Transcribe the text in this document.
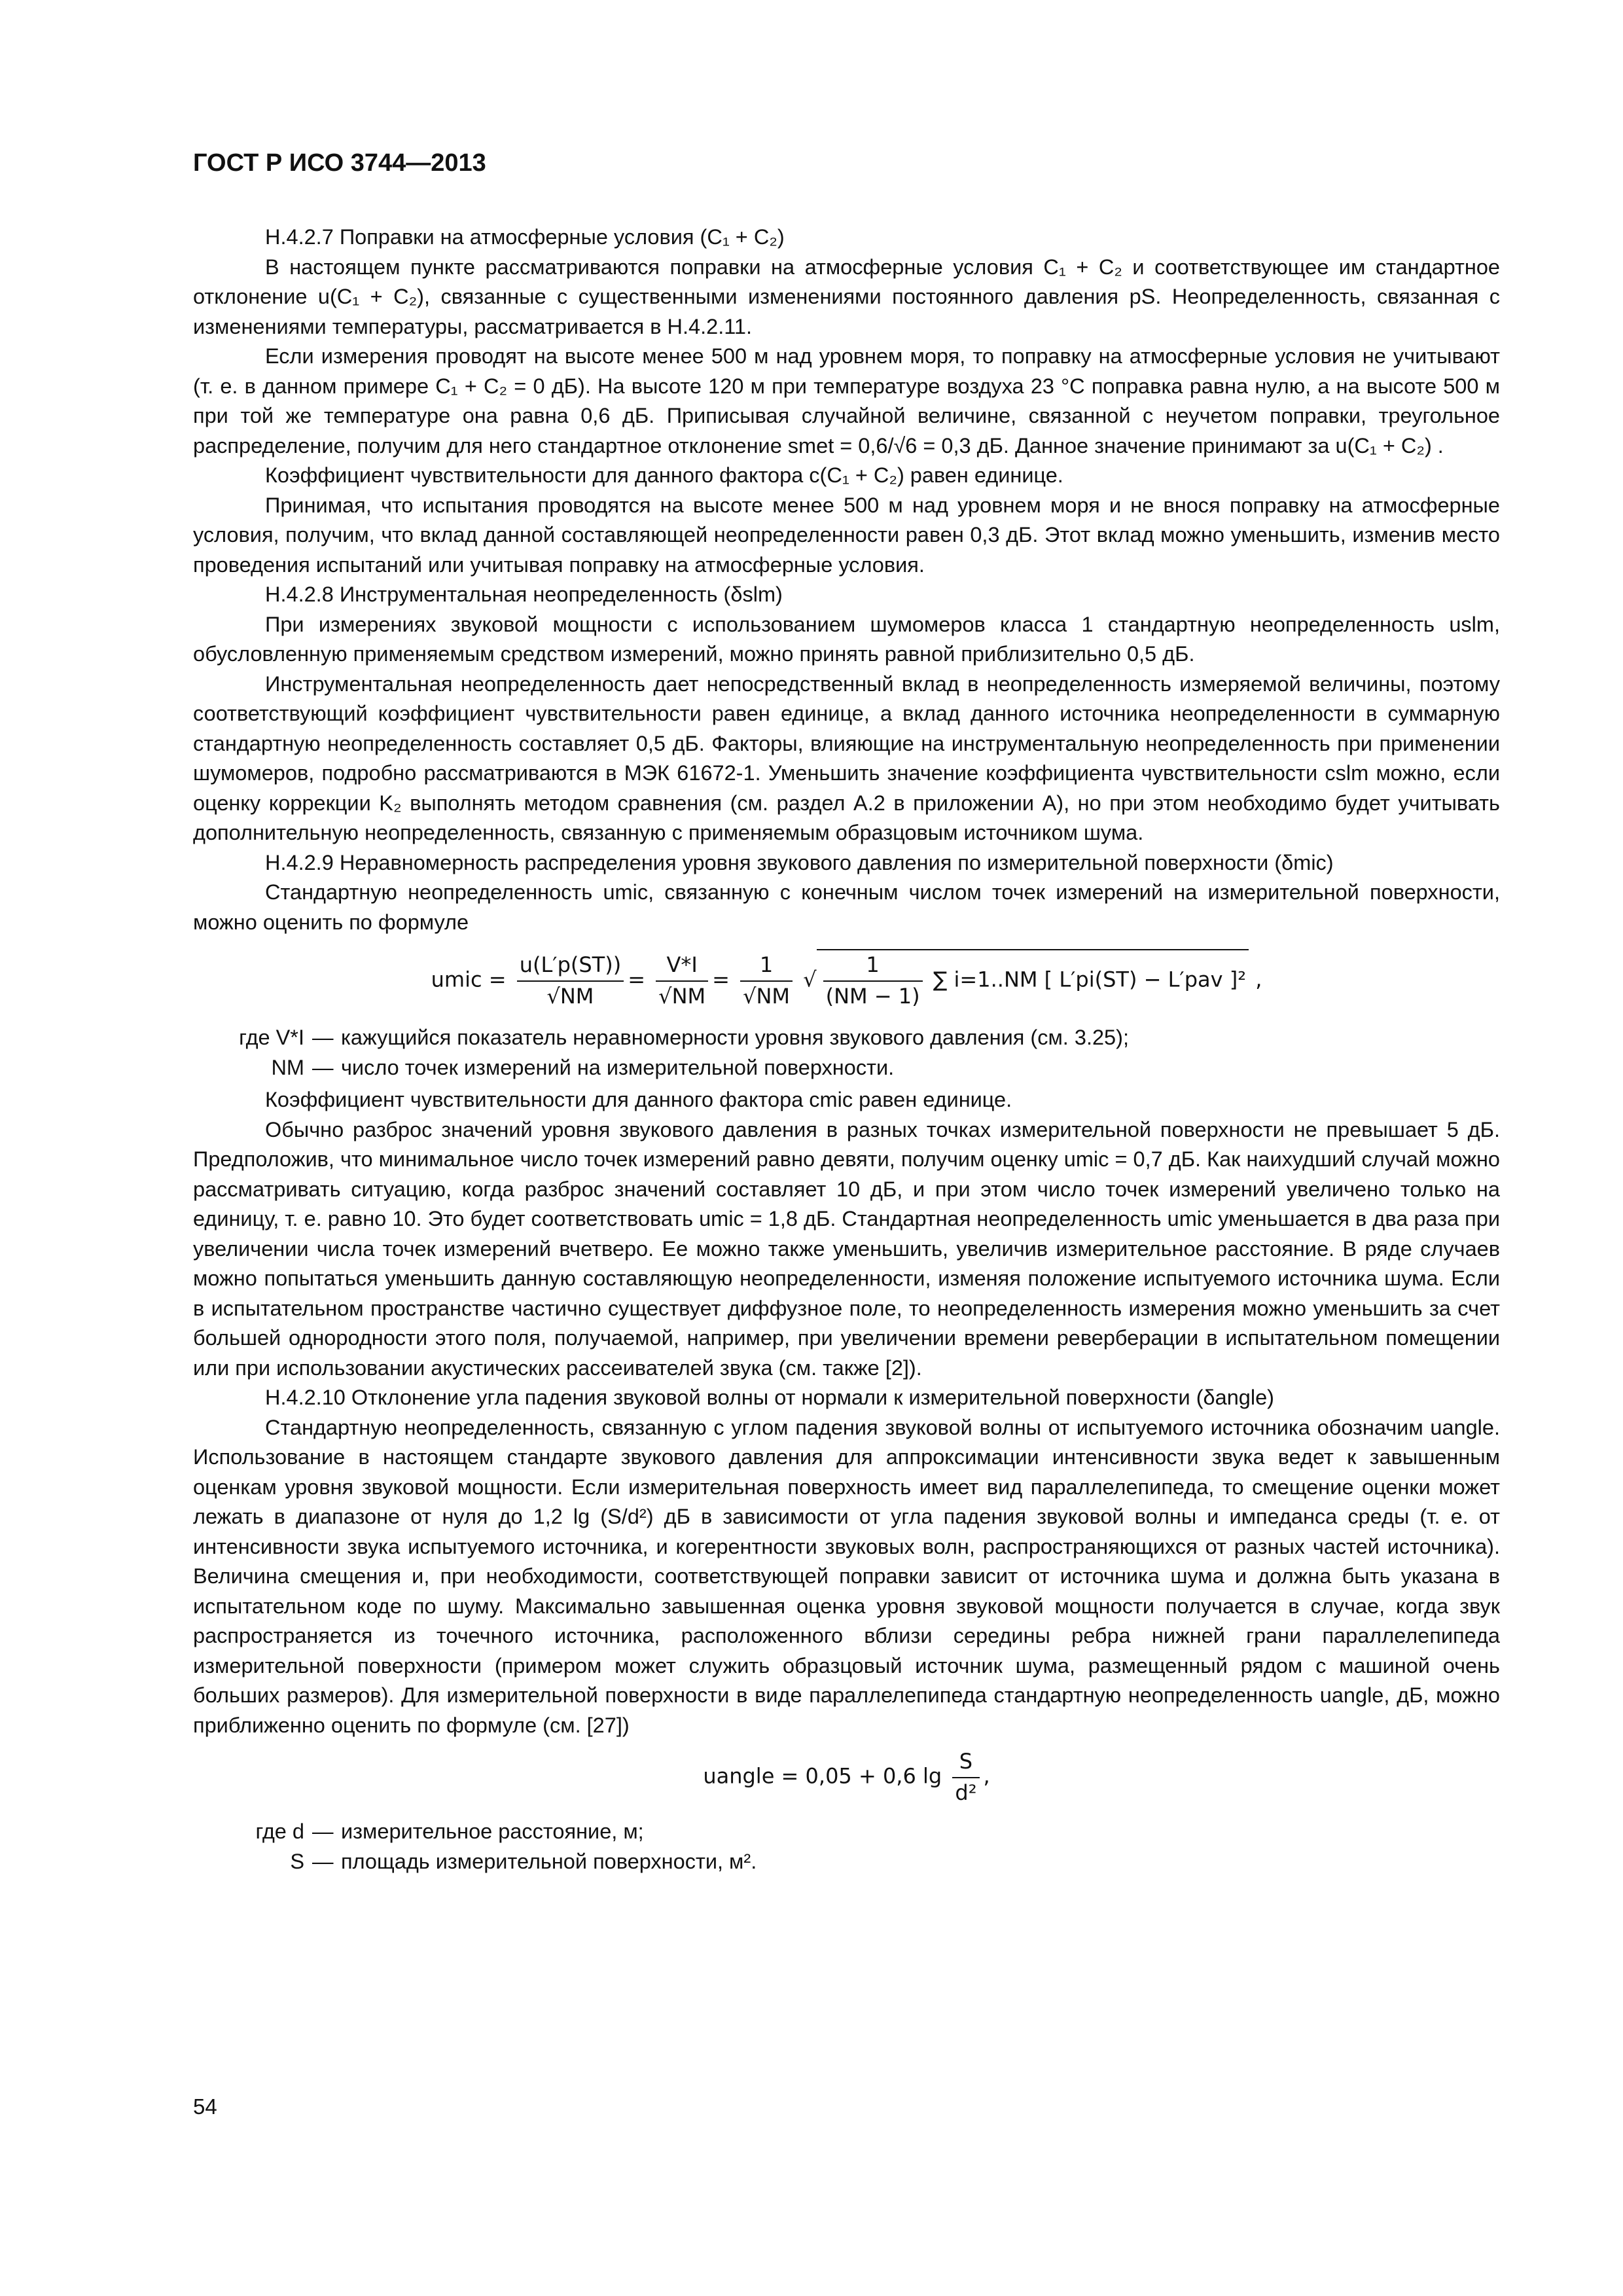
ГОСТ Р ИСО 3744—2013

Н.4.2.7 Поправки на атмосферные условия (C₁ + C₂)

В настоящем пункте рассматриваются поправки на атмосферные условия C₁ + C₂ и соответствующее им стандартное отклонение u(C₁ + C₂), связанные с существенными изменениями постоянного давления pS. Неопределенность, связанная с изменениями температуры, рассматривается в Н.4.2.11.

Если измерения проводят на высоте менее 500 м над уровнем моря, то поправку на атмосферные условия не учитывают (т. е. в данном примере C₁ + C₂ = 0 дБ). На высоте 120 м при температуре воздуха 23 °С поправка равна нулю, а на высоте 500 м при той же температуре она равна 0,6 дБ. Приписывая случайной величине, связанной с неучетом поправки, треугольное распределение, получим для него стандартное отклонение smet = 0,6/√6 = 0,3 дБ. Данное значение принимают за u(C₁ + C₂) .

Коэффициент чувствительности для данного фактора c(C₁ + C₂) равен единице.

Принимая, что испытания проводятся на высоте менее 500 м над уровнем моря и не внося поправку на атмосферные условия, получим, что вклад данной составляющей неопределенности равен 0,3 дБ. Этот вклад можно уменьшить, изменив место проведения испытаний или учитывая поправку на атмосферные условия.

Н.4.2.8 Инструментальная неопределенность (δslm)

При измерениях звуковой мощности с использованием шумомеров класса 1 стандартную неопределенность uslm, обусловленную применяемым средством измерений, можно принять равной приблизительно 0,5 дБ.

Инструментальная неопределенность дает непосредственный вклад в неопределенность измеряемой величины, поэтому соответствующий коэффициент чувствительности равен единице, а вклад данного источника неопределенности в суммарную стандартную неопределенность составляет 0,5 дБ. Факторы, влияющие на инструментальную неопределенность при применении шумомеров, подробно рассматриваются в МЭК 61672-1. Уменьшить значение коэффициента чувствительности cslm можно, если оценку коррекции K₂ выполнять методом сравнения (см. раздел А.2 в приложении А), но при этом необходимо будет учитывать дополнительную неопределенность, связанную с применяемым образцовым источником шума.

Н.4.2.9 Неравномерность распределения уровня звукового давления по измерительной поверхности (δmic)

Стандартную неопределенность umic, связанную с конечным числом точек измерений на измерительной поверхности, можно оценить по формуле

umic = $\frac{u(L'p(ST))}{√NM} = \frac{V*I}{√NM} = \frac{1}{√NM}$ √ $\frac{1}{(NM - 1)}$ ∑ i=1..NM [ L′pi(ST) − L′pav ]² ,
где V*I — кажущийся показатель неравномерности уровня звукового давления (см. 3.25);
NM — число точек измерений на измерительной поверхности.

Коэффициент чувствительности для данного фактора cmic равен единице.

Обычно разброс значений уровня звукового давления в разных точках измерительной поверхности не превышает 5 дБ. Предположив, что минимальное число точек измерений равно девяти, получим оценку umic = 0,7 дБ. Как наихудший случай можно рассматривать ситуацию, когда разброс значений составляет 10 дБ, и при этом число точек измерений увеличено только на единицу, т. е. равно 10. Это будет соответствовать umic = 1,8 дБ. Стандартная неопределенность umic уменьшается в два раза при увеличении числа точек измерений вчетверо. Ее можно также уменьшить, увеличив измерительное расстояние. В ряде случаев можно попытаться уменьшить данную составляющую неопределенности, изменяя положение испытуемого источника шума. Если в испытательном пространстве частично существует диффузное поле, то неопределенность измерения можно уменьшить за счет большей однородности этого поля, получаемой, например, при увеличении времени реверберации в испытательном помещении или при использовании акустических рассеивателей звука (см. также [2]).

Н.4.2.10 Отклонение угла падения звуковой волны от нормали к измерительной поверхности (δangle)

Стандартную неопределенность, связанную с углом падения звуковой волны от испытуемого источника обозначим uangle. Использование в настоящем стандарте звукового давления для аппроксимации интенсивности звука ведет к завышенным оценкам уровня звуковой мощности. Если измерительная поверхность имеет вид параллелепипеда, то смещение оценки может лежать в диапазоне от нуля до 1,2 lg (S/d²) дБ в зависимости от угла падения звуковой волны и импеданса среды (т. е. от интенсивности звука испытуемого источника, и когерентности звуковых волн, распространяющихся от разных частей источника). Величина смещения и, при необходимости, соответствующей поправки зависит от источника шума и должна быть указана в испытательном коде по шуму. Максимально завышенная оценка уровня звуковой мощности получается в случае, когда звук распространяется из точечного источника, расположенного вблизи середины ребра нижней грани параллелепипеда измерительной поверхности (примером может служить образцовый источник шума, размещенный рядом с машиной очень больших размеров). Для измерительной поверхности в виде параллелепипеда стандартную неопределенность uangle, дБ, можно приближенно оценить по формуле (см. [27])

uangle = 0,05 + 0,6 $\lg \frac{S}{\text{d²}}$ ,
где d — измерительное расстояние, м;
S — площадь измерительной поверхности, м².
54
